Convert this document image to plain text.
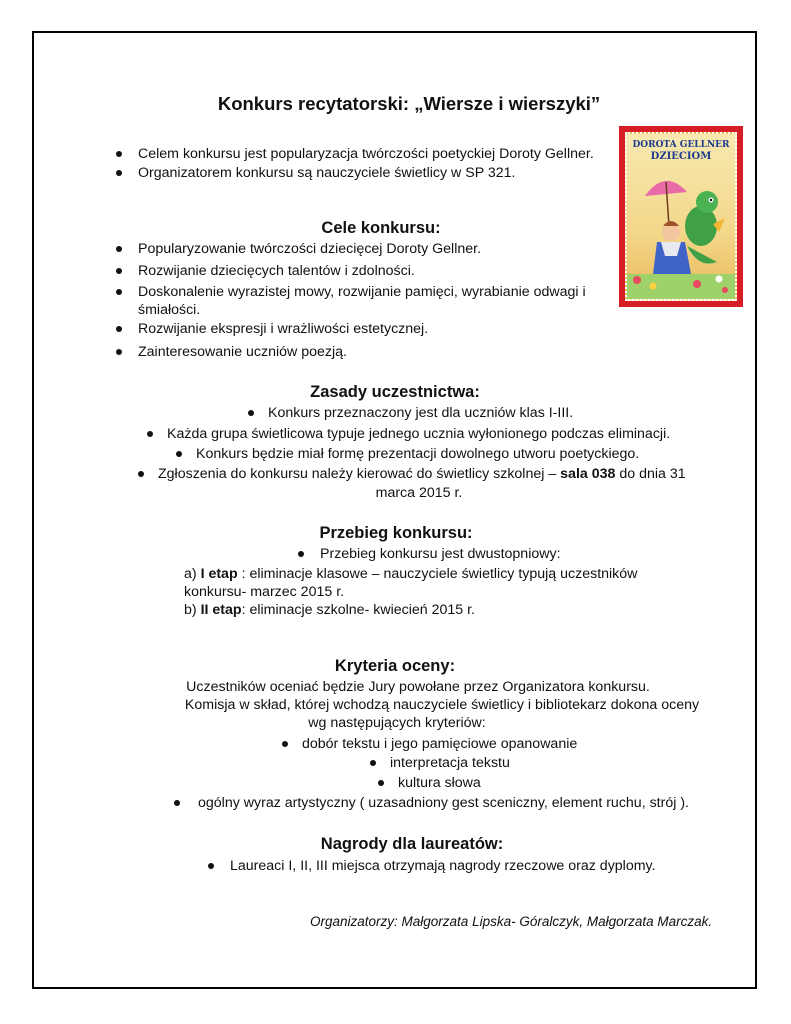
Konkurs recytatorski: „Wiersze i wierszyki”
Celem konkursu jest popularyzacja twórczości poetyckiej Doroty Gellner.
Organizatorem konkursu są nauczyciele świetlicy w SP 321.
DOROTA GELLNER
DZIECIOM
Cele konkursu:
Popularyzowanie twórczości dziecięcej Doroty Gellner.
Rozwijanie dziecięcych talentów i zdolności.
Doskonalenie wyrazistej mowy, rozwijanie pamięci, wyrabianie odwagi i
śmiałości.
Rozwijanie ekspresji i wrażliwości estetycznej.
Zainteresowanie uczniów poezją.
Zasady uczestnictwa:
Konkurs przeznaczony jest dla uczniów klas I-III.
Każda grupa świetlicowa typuje jednego ucznia wyłonionego podczas eliminacji.
Konkurs będzie miał formę prezentacji dowolnego utworu poetyckiego.
Zgłoszenia do konkursu należy kierować do świetlicy szkolnej – sala 038 do dnia 31
marca 2015 r.
Przebieg konkursu:
Przebieg konkursu jest dwustopniowy:
a) I etap : eliminacje klasowe – nauczyciele świetlicy typują uczestników
konkursu- marzec 2015 r.
b) II etap: eliminacje szkolne- kwiecień 2015 r.
Kryteria oceny:
Uczestników oceniać będzie Jury powołane przez Organizatora konkursu.
Komisja w skład, której wchodzą nauczyciele świetlicy i bibliotekarz dokona oceny
wg następujących kryteriów:
dobór tekstu i jego pamięciowe opanowanie
interpretacja tekstu
kultura słowa
ogólny wyraz artystyczny ( uzasadniony gest sceniczny, element ruchu, strój ).
Nagrody dla laureatów:
Laureaci I, II, III miejsca otrzymają nagrody rzeczowe oraz dyplomy.
Organizatorzy: Małgorzata Lipska- Góralczyk, Małgorzata Marczak.
